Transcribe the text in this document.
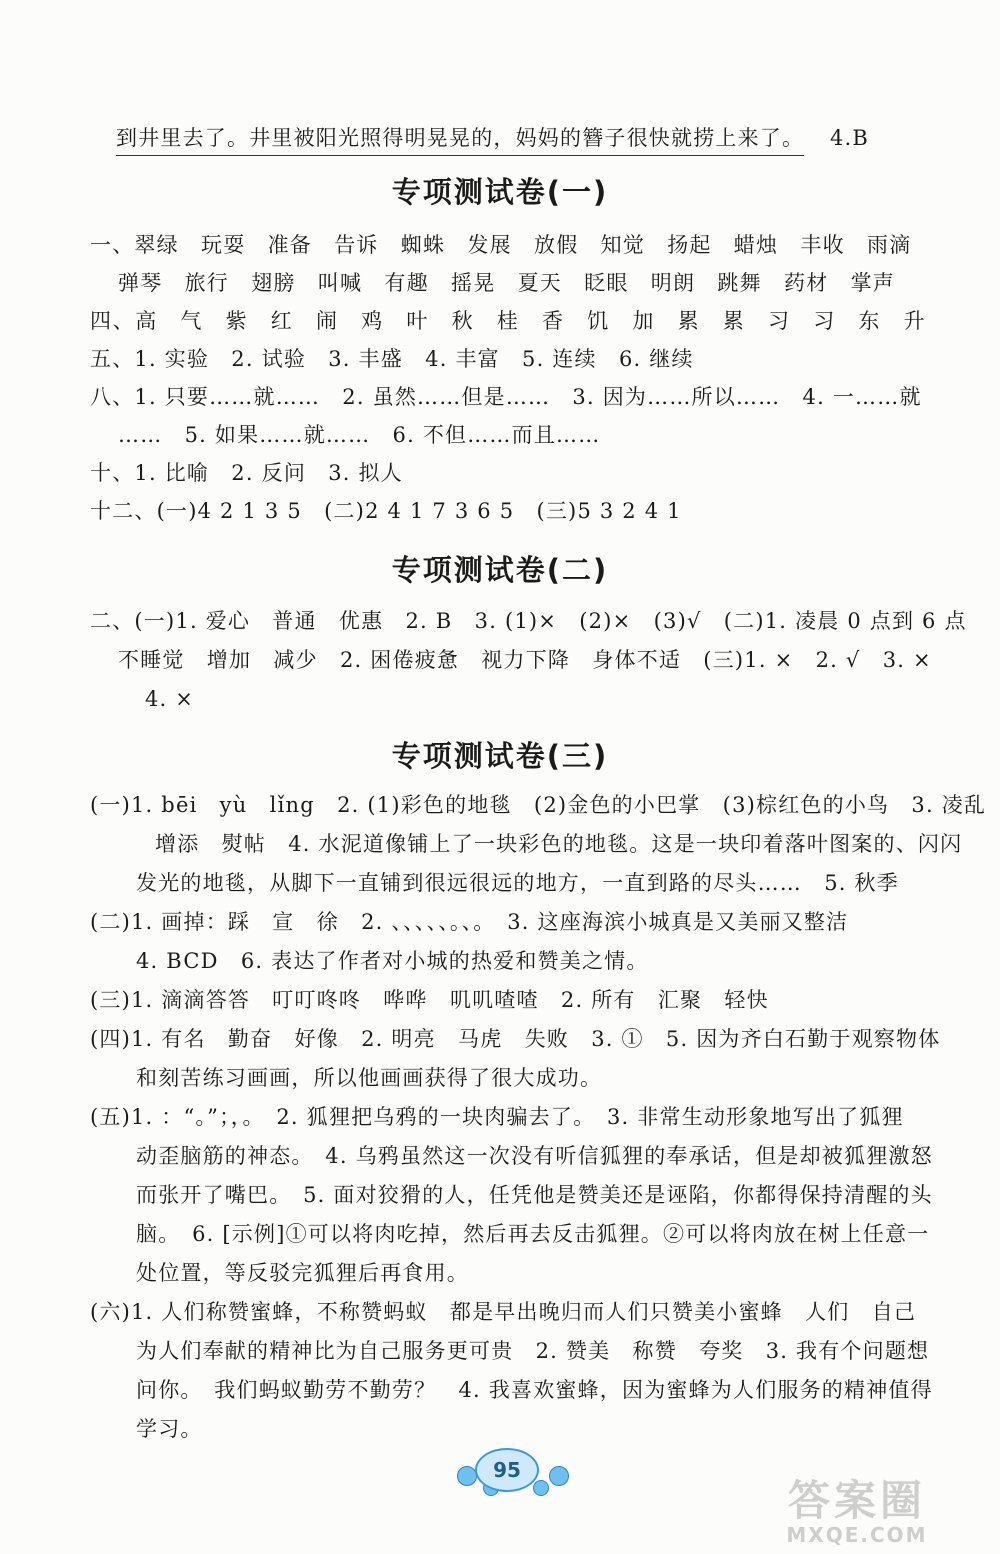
到井里去了。井里被阳光照得明晃晃的，妈妈的簪子很快就捞上来了。 4.B
专项测试卷(一)
一、翠绿　玩耍　准备　告诉　蜘蛛　发展　放假　知觉　扬起　蜡烛　丰收　雨滴
弹琴　旅行　翅膀　叫喊　有趣　摇晃　夏天　眨眼　明朗　跳舞　药材　掌声
四、高　气　紫　红　闹　鸡　叶　秋　桂　香　饥　加　累　累　习　习　东　升
五、1. 实验　2. 试验　3. 丰盛　4. 丰富　5. 连续　6. 继续
八、1. 只要……就……　2. 虽然……但是……　3. 因为……所以……　4. 一……就
……　5. 如果……就……　6. 不但……而且……
十、1. 比喻　2. 反问　3. 拟人
十二、(一)4 2 1 3 5　(二)2 4 1 7 3 6 5　(三)5 3 2 4 1
专项测试卷(二)
二、(一)1. 爱心　普通　优惠　2. B　3. (1)×　(2)×　(3)√　(二)1. 凌晨 0 点到 6 点
不睡觉　增加　减少　2. 困倦疲惫　视力下降　身体不适　(三)1. ×　2. √　3. ×
4. ×
专项测试卷(三)
(一)1. bēi　yù　lǐng　2. (1)彩色的地毯　(2)金色的小巴掌　(3)棕红色的小鸟　3. 凌乱
增添　熨帖　4. 水泥道像铺上了一块彩色的地毯。这是一块印着落叶图案的、闪闪
发光的地毯，从脚下一直铺到很远很远的地方，一直到路的尽头……　5. 秋季
(二)1. 画掉：踩　宣　徐　2. 、、、、、。、。　3. 这座海滨小城真是又美丽又整洁
4. BCD　6. 表达了作者对小城的热爱和赞美之情。
(三)1. 滴滴答答　叮叮咚咚　哗哗　叽叽喳喳　2. 所有　汇聚　轻快
(四)1. 有名　勤奋　好像　2. 明亮　马虎　失败　3. ①　5. 因为齐白石勤于观察物体
和刻苦练习画画，所以他画画获得了很大成功。
(五)1. ：“。”；，。　2. 狐狸把乌鸦的一块肉骗去了。　3. 非常生动形象地写出了狐狸
动歪脑筋的神态。　4. 乌鸦虽然这一次没有听信狐狸的奉承话，但是却被狐狸激怒
而张开了嘴巴。　5. 面对狡猾的人，任凭他是赞美还是诬陷，你都得保持清醒的头
脑。　6. [示例]①可以将肉吃掉，然后再去反击狐狸。②可以将肉放在树上任意一
处位置，等反驳完狐狸后再食用。
(六)1. 人们称赞蜜蜂，不称赞蚂蚁　都是早出晚归而人们只赞美小蜜蜂　人们　自己
为人们奉献的精神比为自己服务更可贵　2. 赞美　称赞　夸奖　3. 我有个问题想
问你。　我们蚂蚁勤劳不勤劳？　4. 我喜欢蜜蜂，因为蜜蜂为人们服务的精神值得
学习。
95
答案圈
MXQE.COM
